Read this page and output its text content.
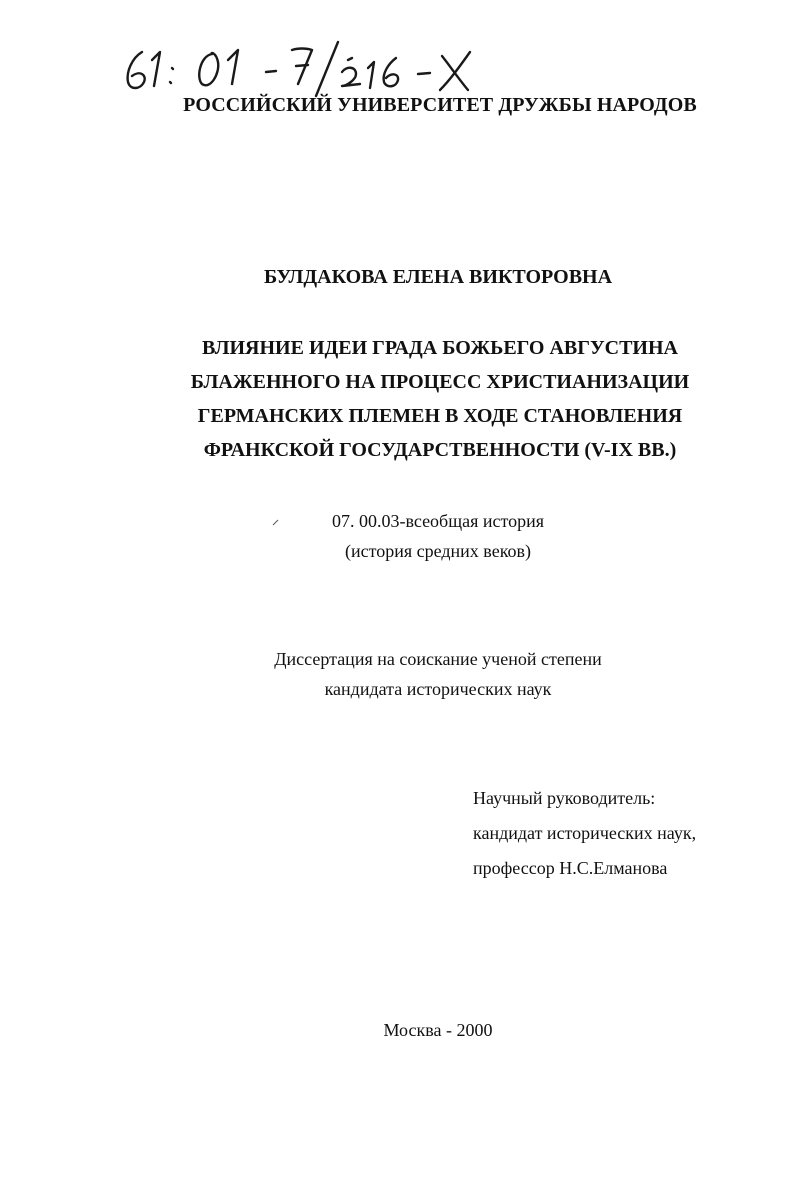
РОССИЙСКИЙ УНИВЕРСИТЕТ ДРУЖБЫ НАРОДОВ
БУЛДАКОВА ЕЛЕНА ВИКТОРОВНА
ВЛИЯНИЕ ИДЕИ ГРАДА БОЖЬЕГО АВГУСТИНА
БЛАЖЕННОГО НА ПРОЦЕСС ХРИСТИАНИЗАЦИИ
ГЕРМАНСКИХ ПЛЕМЕН В ХОДЕ СТАНОВЛЕНИЯ
ФРАНКСКОЙ ГОСУДАРСТВЕННОСТИ (V-IX ВВ.)
07. 00.03-всеобщая история
(история средних веков)
Диссертация на соискание ученой степени
кандидата исторических наук
Научный руководитель:
кандидат исторических наук,
профессор Н.С.Елманова
Москва - 2000
